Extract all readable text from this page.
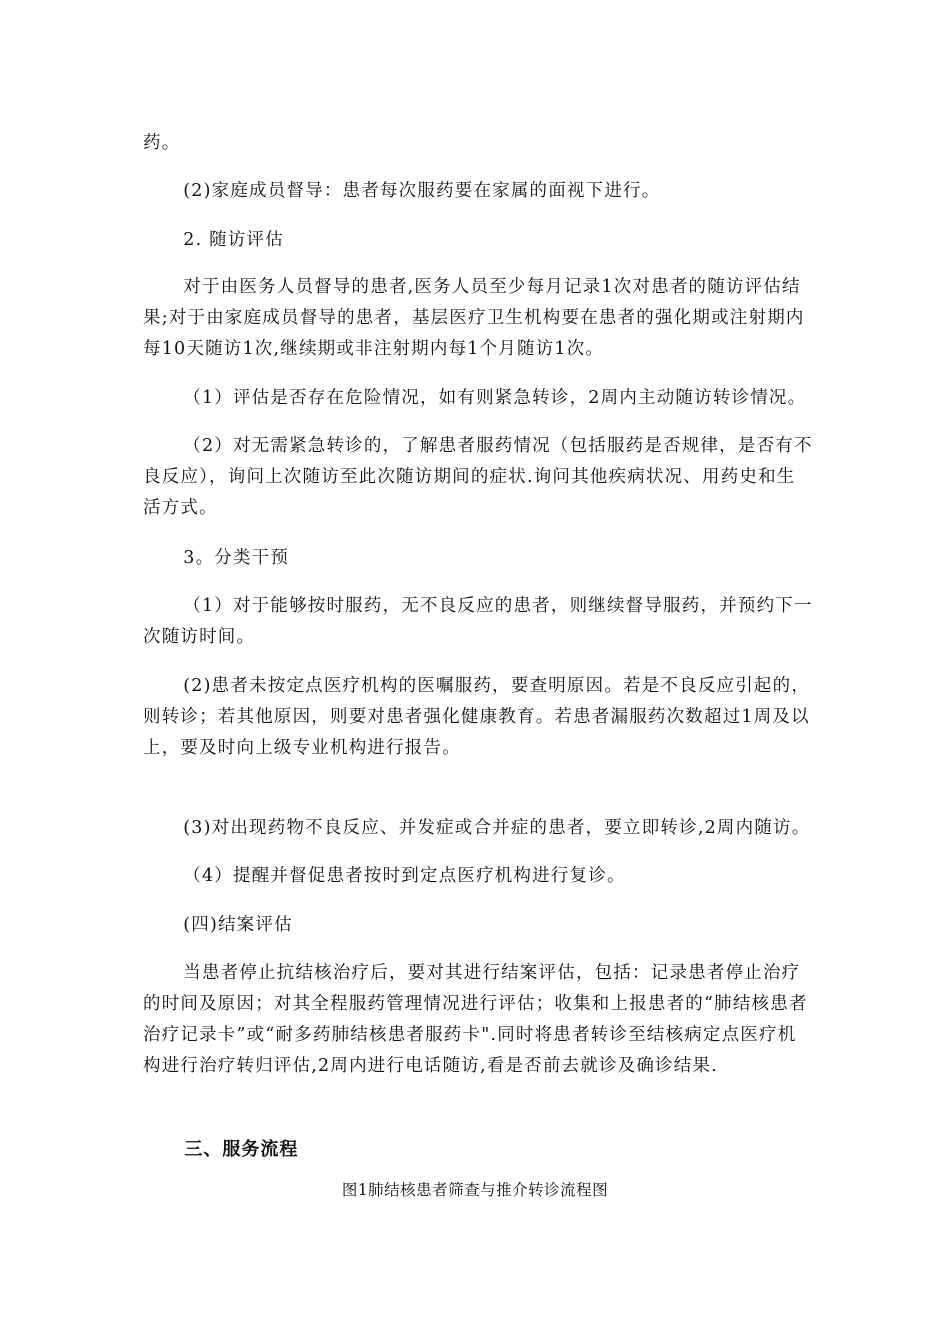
药。

(2)家庭成员督导：患者每次服药要在家属的面视下进行。

2. 随访评估

对于由医务人员督导的患者,医务人员至少每月记录1次对患者的随访评估结果;对于由家庭成员督导的患者，基层医疗卫生机构要在患者的强化期或注射期内每10天随访1次,继续期或非注射期内每1个月随访1次。

（1）评估是否存在危险情况，如有则紧急转诊，2周内主动随访转诊情况。

（2）对无需紧急转诊的，了解患者服药情况（包括服药是否规律，是否有不良反应），询问上次随访至此次随访期间的症状.询问其他疾病状况、用药史和生活方式。

3。分类干预

（1）对于能够按时服药，无不良反应的患者，则继续督导服药，并预约下一次随访时间。

(2)患者未按定点医疗机构的医嘱服药，要查明原因。若是不良反应引起的，则转诊；若其他原因，则要对患者强化健康教育。若患者漏服药次数超过1周及以上，要及时向上级专业机构进行报告。

(3)对出现药物不良反应、并发症或合并症的患者，要立即转诊,2周内随访。

（4）提醒并督促患者按时到定点医疗机构进行复诊。

(四)结案评估

当患者停止抗结核治疗后，要对其进行结案评估，包括：记录患者停止治疗的时间及原因；对其全程服药管理情况进行评估；收集和上报患者的“肺结核患者治疗记录卡”或“耐多药肺结核患者服药卡".同时将患者转诊至结核病定点医疗机构进行治疗转归评估,2周内进行电话随访,看是否前去就诊及确诊结果.

三、服务流程

图1肺结核患者筛查与推介转诊流程图
